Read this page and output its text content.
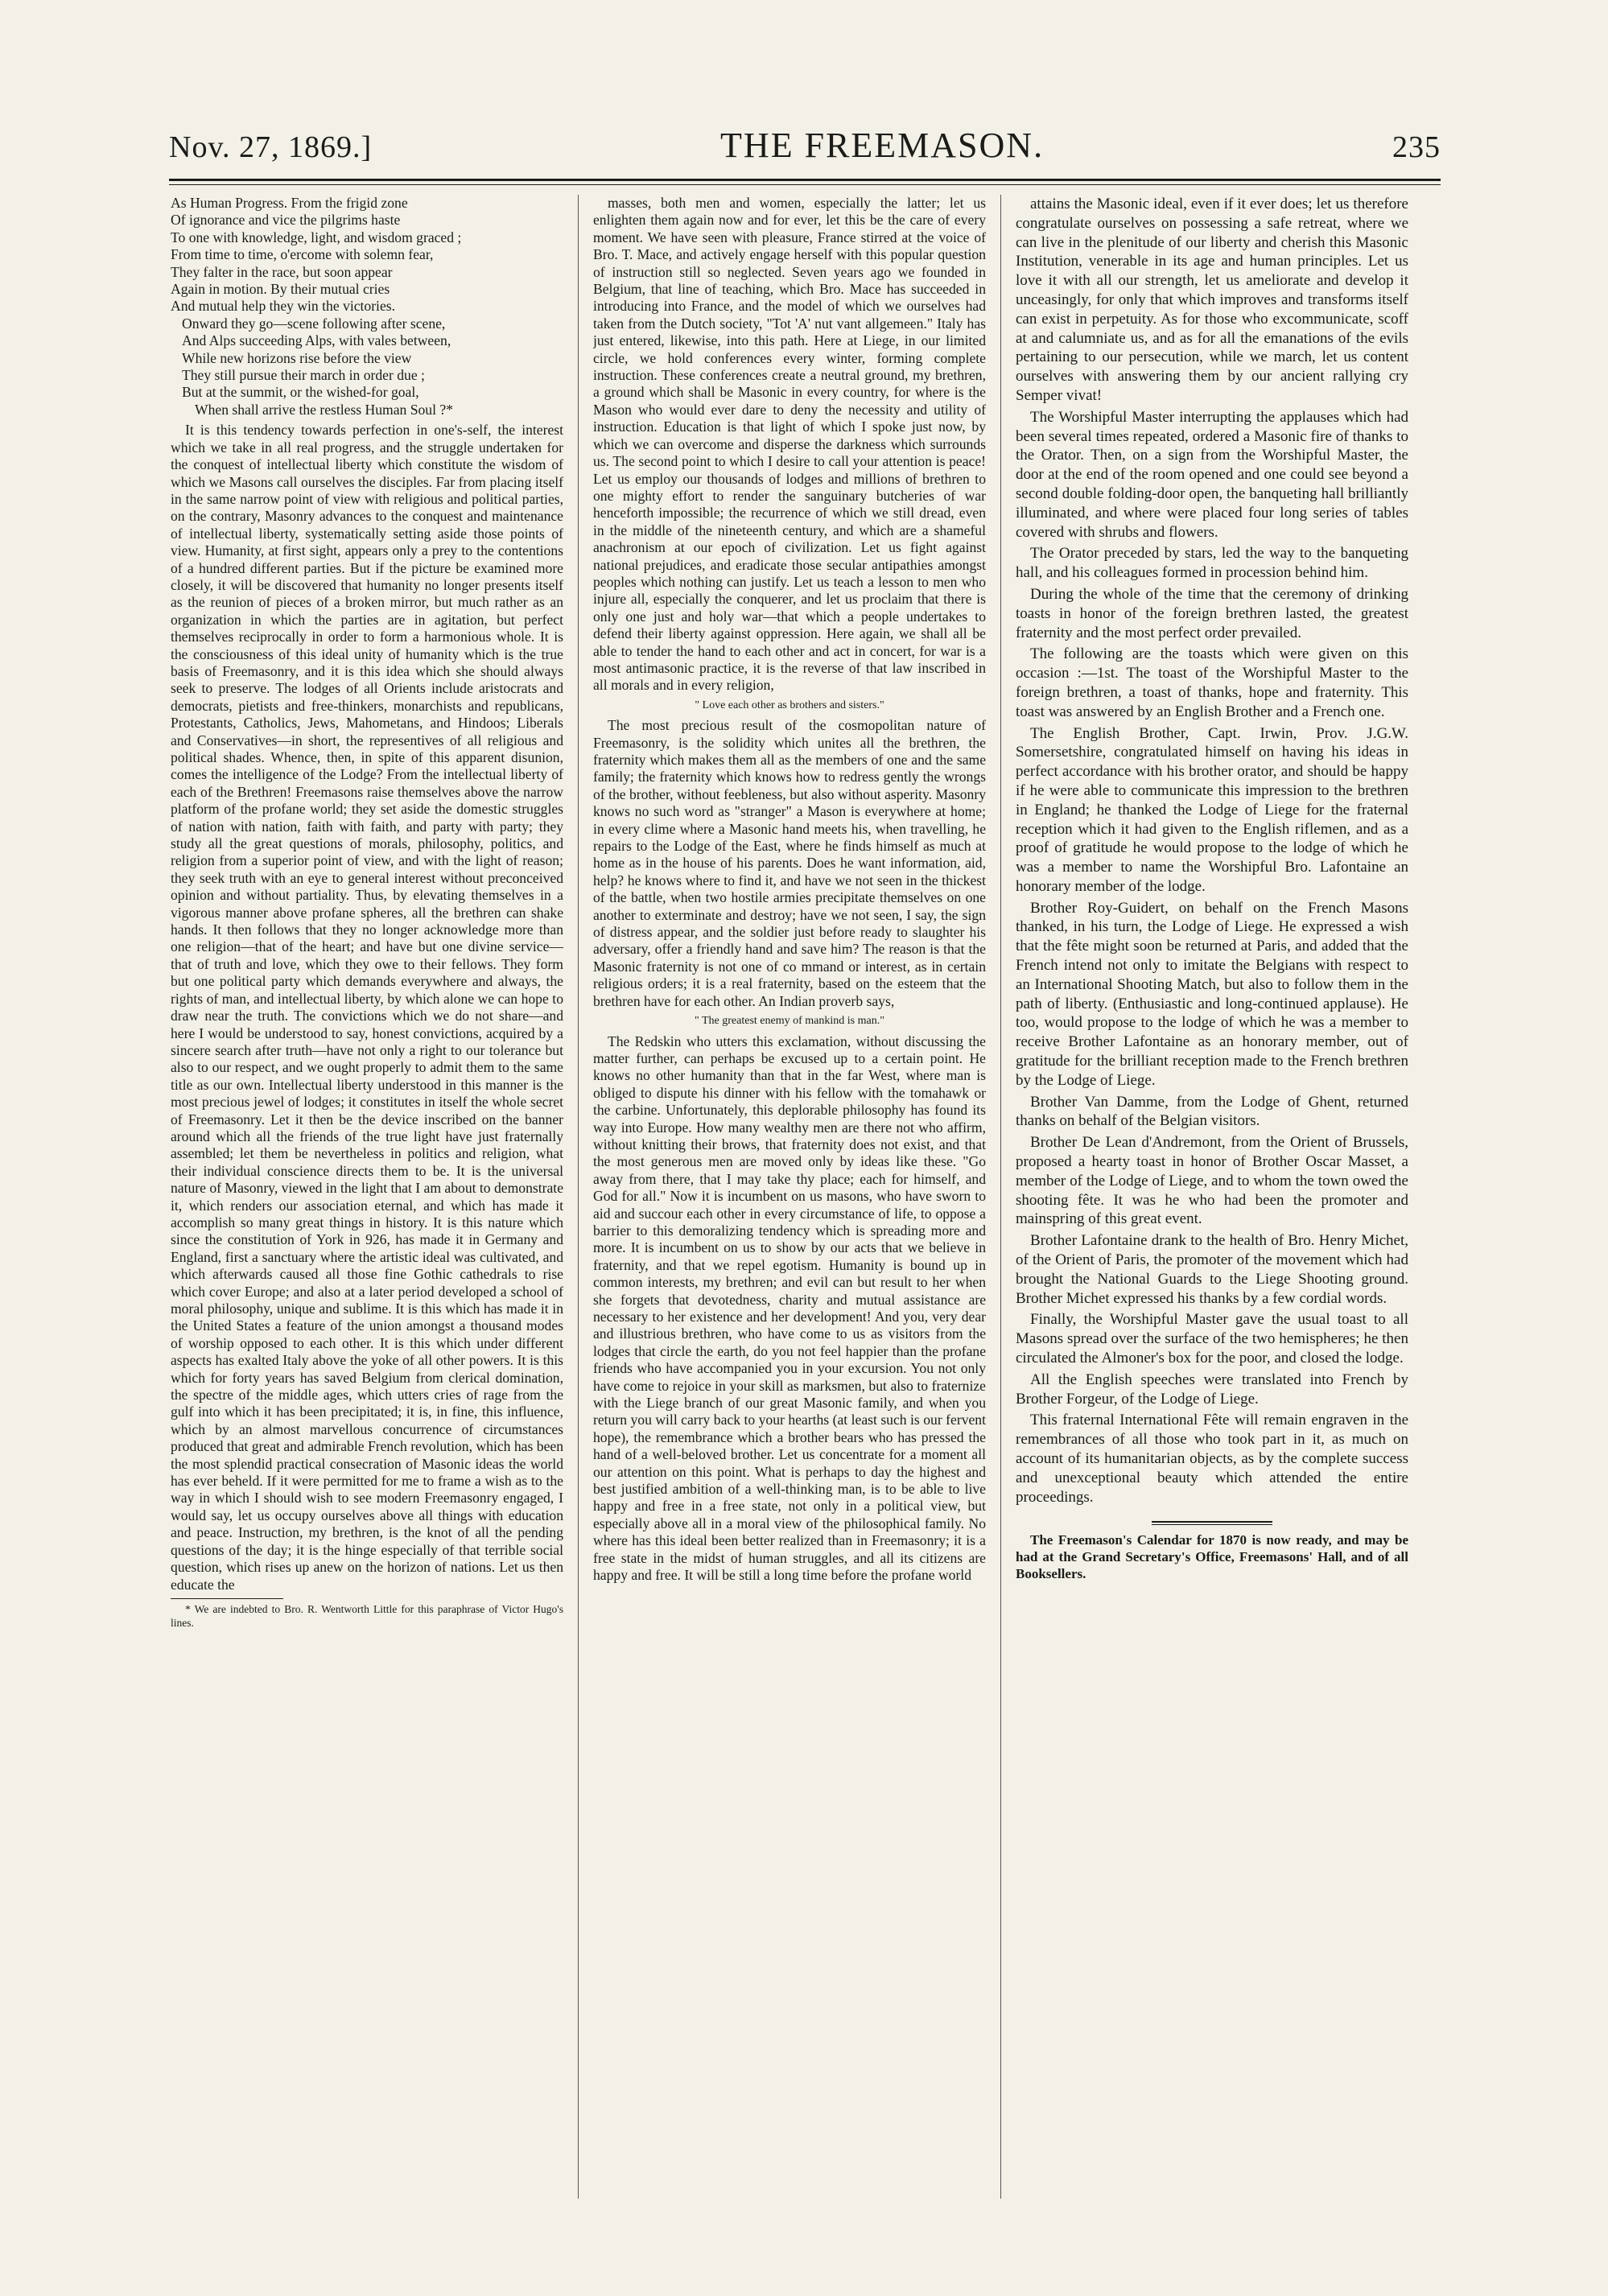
Nov. 27, 1869.]	THE FREEMASON.	235
As Human Progress. From the frigid zone
Of ignorance and vice the pilgrims haste
To one with knowledge, light, and wisdom graced ;
From time to time, o'ercome with solemn fear,
They falter in the race, but soon appear
Again in motion. By their mutual cries
And mutual help they win the victories.
Onward they go—scene following after scene,
And Alps succeeding Alps, with vales between,
While new horizons rise before the view
They still pursue their march in order due ;
But at the summit, or the wished-for goal,
When shall arrive the restless Human Soul ?*

It is this tendency towards perfection in one's-self, the interest which we take in all real progress, and the struggle undertaken for the conquest of intellectual liberty which constitute the wisdom of which we Masons call ourselves the disciples. Far from placing itself in the same narrow point of view with religious and political parties, on the contrary, Masonry advances to the conquest and maintenance of intellectual liberty, systematically setting aside those points of view. Humanity, at first sight, appears only a prey to the contentions of a hundred different parties. But if the picture be examined more closely, it will be discovered that humanity no longer presents itself as the reunion of pieces of a broken mirror, but much rather as an organization in which the parties are in agitation, but perfect themselves reciprocally in order to form a harmonious whole. It is the consciousness of this ideal unity of humanity which is the true basis of Freemasonry, and it is this idea which she should always seek to preserve. The lodges of all Orients include aristocrats and democrats, pietists and free-thinkers, monarchists and republicans, Protestants, Catholics, Jews, Mahometans, and Hindoos; Liberals and Conservatives—in short, the representives of all religious and political shades. Whence, then, in spite of this apparent disunion, comes the intelligence of the Lodge? From the intellectual liberty of each of the Brethren! Freemasons raise themselves above the narrow platform of the profane world; they set aside the domestic struggles of nation with nation, faith with faith, and party with party; they study all the great questions of morals, philosophy, politics, and religion from a superior point of view, and with the light of reason; they seek truth with an eye to general interest without preconceived opinion and without partiality. Thus, by elevating themselves in a vigorous manner above profane spheres, all the brethren can shake hands. It then follows that they no longer acknowledge more than one religion—that of the heart; and have but one divine service—that of truth and love, which they owe to their fellows. They form but one political party which demands everywhere and always, the rights of man, and intellectual liberty, by which alone we can hope to draw near the truth. The convictions which we do not share—and here I would be understood to say, honest convictions, acquired by a sincere search after truth—have not only a right to our tolerance but also to our respect, and we ought properly to admit them to the same title as our own. Intellectual liberty understood in this manner is the most precious jewel of lodges; it constitutes in itself the whole secret of Freemasonry. Let it then be the device inscribed on the banner around which all the friends of the true light have just fraternally assembled; let them be nevertheless in politics and religion, what their individual conscience directs them to be. It is the universal nature of Masonry, viewed in the light that I am about to demonstrate it, which renders our association eternal, and which has made it accomplish so many great things in history. It is this nature which since the constitution of York in 926, has made it in Germany and England, first a sanctuary where the artistic ideal was cultivated, and which afterwards caused all those fine Gothic cathedrals to rise which cover Europe; and also at a later period developed a school of moral philosophy, unique and sublime. It is this which has made it in the United States a feature of the union amongst a thousand modes of worship opposed to each other. It is this which under different aspects has exalted Italy above the yoke of all other powers. It is this which for forty years has saved Belgium from clerical domination, the spectre of the middle ages, which utters cries of rage from the gulf into which it has been precipitated; it is, in fine, this influence, which by an almost marvellous concurrence of circumstances produced that great and admirable French revolution, which has been the most splendid practical consecration of Masonic ideas the world has ever beheld. If it were permitted for me to frame a wish as to the way in which I should wish to see modern Freemasonry engaged, I would say, let us occupy ourselves above all things with education and peace. Instruction, my brethren, is the knot of all the pending questions of the day; it is the hinge especially of that terrible social question, which rises up anew on the horizon of nations. Let us then educate the

* We are indebted to Bro. R. Wentworth Little for this paraphrase of Victor Hugo's lines.

masses, both men and women, especially the latter; let us enlighten them again now and for ever, let this be the care of every moment. We have seen with pleasure, France stirred at the voice of Bro. T. Mace, and actively engage herself with this popular question of instruction still so neglected. Seven years ago we founded in Belgium, that line of teaching, which Bro. Mace has succeeded in introducing into France, and the model of which we ourselves had taken from the Dutch society, "Tot 'A' nut vant allgemeen." Italy has just entered, likewise, into this path. Here at Liege, in our limited circle, we hold conferences every winter, forming complete instruction. These conferences create a neutral ground, my brethren, a ground which shall be Masonic in every country, for where is the Mason who would ever dare to deny the necessity and utility of instruction. Education is that light of which I spoke just now, by which we can overcome and disperse the darkness which surrounds us. The second point to which I desire to call your attention is peace! Let us employ our thousands of lodges and millions of brethren to one mighty effort to render the sanguinary butcheries of war henceforth impossible; the recurrence of which we still dread, even in the middle of the nineteenth century, and which are a shameful anachronism at our epoch of civilization. Let us fight against national prejudices, and eradicate those secular antipathies amongst peoples which nothing can justify. Let us teach a lesson to men who injure all, especially the conquerer, and let us proclaim that there is only one just and holy war—that which a people undertakes to defend their liberty against oppression. Here again, we shall all be able to tender the hand to each other and act in concert, for war is a most antimasonic practice, it is the reverse of that law inscribed in all morals and in every religion,

" Love each other as brothers and sisters."

The most precious result of the cosmopolitan nature of Freemasonry, is the solidity which unites all the brethren, the fraternity which makes them all as the members of one and the same family; the fraternity which knows how to redress gently the wrongs of the brother, without feebleness, but also without asperity. Masonry knows no such word as "stranger" a Mason is everywhere at home; in every clime where a Masonic hand meets his, when travelling, he repairs to the Lodge of the East, where he finds himself as much at home as in the house of his parents. Does he want information, aid, help? he knows where to find it, and have we not seen in the thickest of the battle, when two hostile armies precipitate themselves on one another to exterminate and destroy; have we not seen, I say, the sign of distress appear, and the soldier just before ready to slaughter his adversary, offer a friendly hand and save him? The reason is that the Masonic fraternity is not one of co mmand or interest, as in certain religious orders; it is a real fraternity, based on the esteem that the brethren have for each other. An Indian proverb says,

" The greatest enemy of mankind is man."

The Redskin who utters this exclamation, without discussing the matter further, can perhaps be excused up to a certain point. He knows no other humanity than that in the far West, where man is obliged to dispute his dinner with his fellow with the tomahawk or the carbine. Unfortunately, this deplorable philosophy has found its way into Europe. How many wealthy men are there not who affirm, without knitting their brows, that fraternity does not exist, and that the most generous men are moved only by ideas like these. "Go away from there, that I may take thy place; each for himself, and God for all." Now it is incumbent on us masons, who have sworn to aid and succour each other in every circumstance of life, to oppose a barrier to this demoralizing tendency which is spreading more and more. It is incumbent on us to show by our acts that we believe in fraternity, and that we repel egotism. Humanity is bound up in common interests, my brethren; and evil can but result to her when she forgets that devotedness, charity and mutual assistance are necessary to her existence and her development! And you, very dear and illustrious brethren, who have come to us as visitors from the lodges that circle the earth, do you not feel happier than the profane friends who have accompanied you in your excursion. You not only have come to rejoice in your skill as marksmen, but also to fraternize with the Liege branch of our great Masonic family, and when you return you will carry back to your hearths (at least such is our fervent hope), the remembrance which a brother bears who has pressed the hand of a well-beloved brother. Let us concentrate for a moment all our attention on this point. What is perhaps to day the highest and best justified ambition of a well-thinking man, is to be able to live happy and free in a free state, not only in a political view, but especially above all in a moral view of the philosophical family. No where has this ideal been better realized than in Freemasonry; it is a free state in the midst of human struggles, and all its citizens are happy and free. It will be still a long time before the profane world

attains the Masonic ideal, even if it ever does; let us therefore congratulate ourselves on possessing a safe retreat, where we can live in the plenitude of our liberty and cherish this Masonic Institution, venerable in its age and human principles. Let us love it with all our strength, let us ameliorate and develop it unceasingly, for only that which improves and transforms itself can exist in perpetuity. As for those who excommunicate, scoff at and calumniate us, and as for all the emanations of the evils pertaining to our persecution, while we march, let us content ourselves with answering them by our ancient rallying cry Semper vivat!

The Worshipful Master interrupting the applauses which had been several times repeated, ordered a Masonic fire of thanks to the Orator. Then, on a sign from the Worshipful Master, the door at the end of the room opened and one could see beyond a second double folding-door open, the banqueting hall brilliantly illuminated, and where were placed four long series of tables covered with shrubs and flowers.

The Orator preceded by stars, led the way to the banqueting hall, and his colleagues formed in procession behind him.

During the whole of the time that the ceremony of drinking toasts in honor of the foreign brethren lasted, the greatest fraternity and the most perfect order prevailed.

The following are the toasts which were given on this occasion :—1st. The toast of the Worshipful Master to the foreign brethren, a toast of thanks, hope and fraternity. This toast was answered by an English Brother and a French one.

The English Brother, Capt. Irwin, Prov. J.G.W. Somersetshire, congratulated himself on having his ideas in perfect accordance with his brother orator, and should be happy if he were able to communicate this impression to the brethren in England; he thanked the Lodge of Liege for the fraternal reception which it had given to the English riflemen, and as a proof of gratitude he would propose to the lodge of which he was a member to name the Worshipful Bro. Lafontaine an honorary member of the lodge.

Brother Roy-Guidert, on behalf on the French Masons thanked, in his turn, the Lodge of Liege. He expressed a wish that the fête might soon be returned at Paris, and added that the French intend not only to imitate the Belgians with respect to an International Shooting Match, but also to follow them in the path of liberty. (Enthusiastic and long-continued applause). He too, would propose to the lodge of which he was a member to receive Brother Lafontaine as an honorary member, out of gratitude for the brilliant reception made to the French brethren by the Lodge of Liege.

Brother Van Damme, from the Lodge of Ghent, returned thanks on behalf of the Belgian visitors.

Brother De Lean d'Andremont, from the Orient of Brussels, proposed a hearty toast in honor of Brother Oscar Masset, a member of the Lodge of Liege, and to whom the town owed the shooting fête. It was he who had been the promoter and mainspring of this great event.

Brother Lafontaine drank to the health of Bro. Henry Michet, of the Orient of Paris, the promoter of the movement which had brought the National Guards to the Liege Shooting ground. Brother Michet expressed his thanks by a few cordial words.

Finally, the Worshipful Master gave the usual toast to all Masons spread over the surface of the two hemispheres; he then circulated the Almoner's box for the poor, and closed the lodge.

All the English speeches were translated into French by Brother Forgeur, of the Lodge of Liege.

This fraternal International Fête will remain engraven in the remembrances of all those who took part in it, as much on account of its humanitarian objects, as by the complete success and unexceptional beauty which attended the entire proceedings.

The Freemason's Calendar for 1870 is now ready, and may be had at the Grand Secretary's Office, Freemasons' Hall, and of all Booksellers.
